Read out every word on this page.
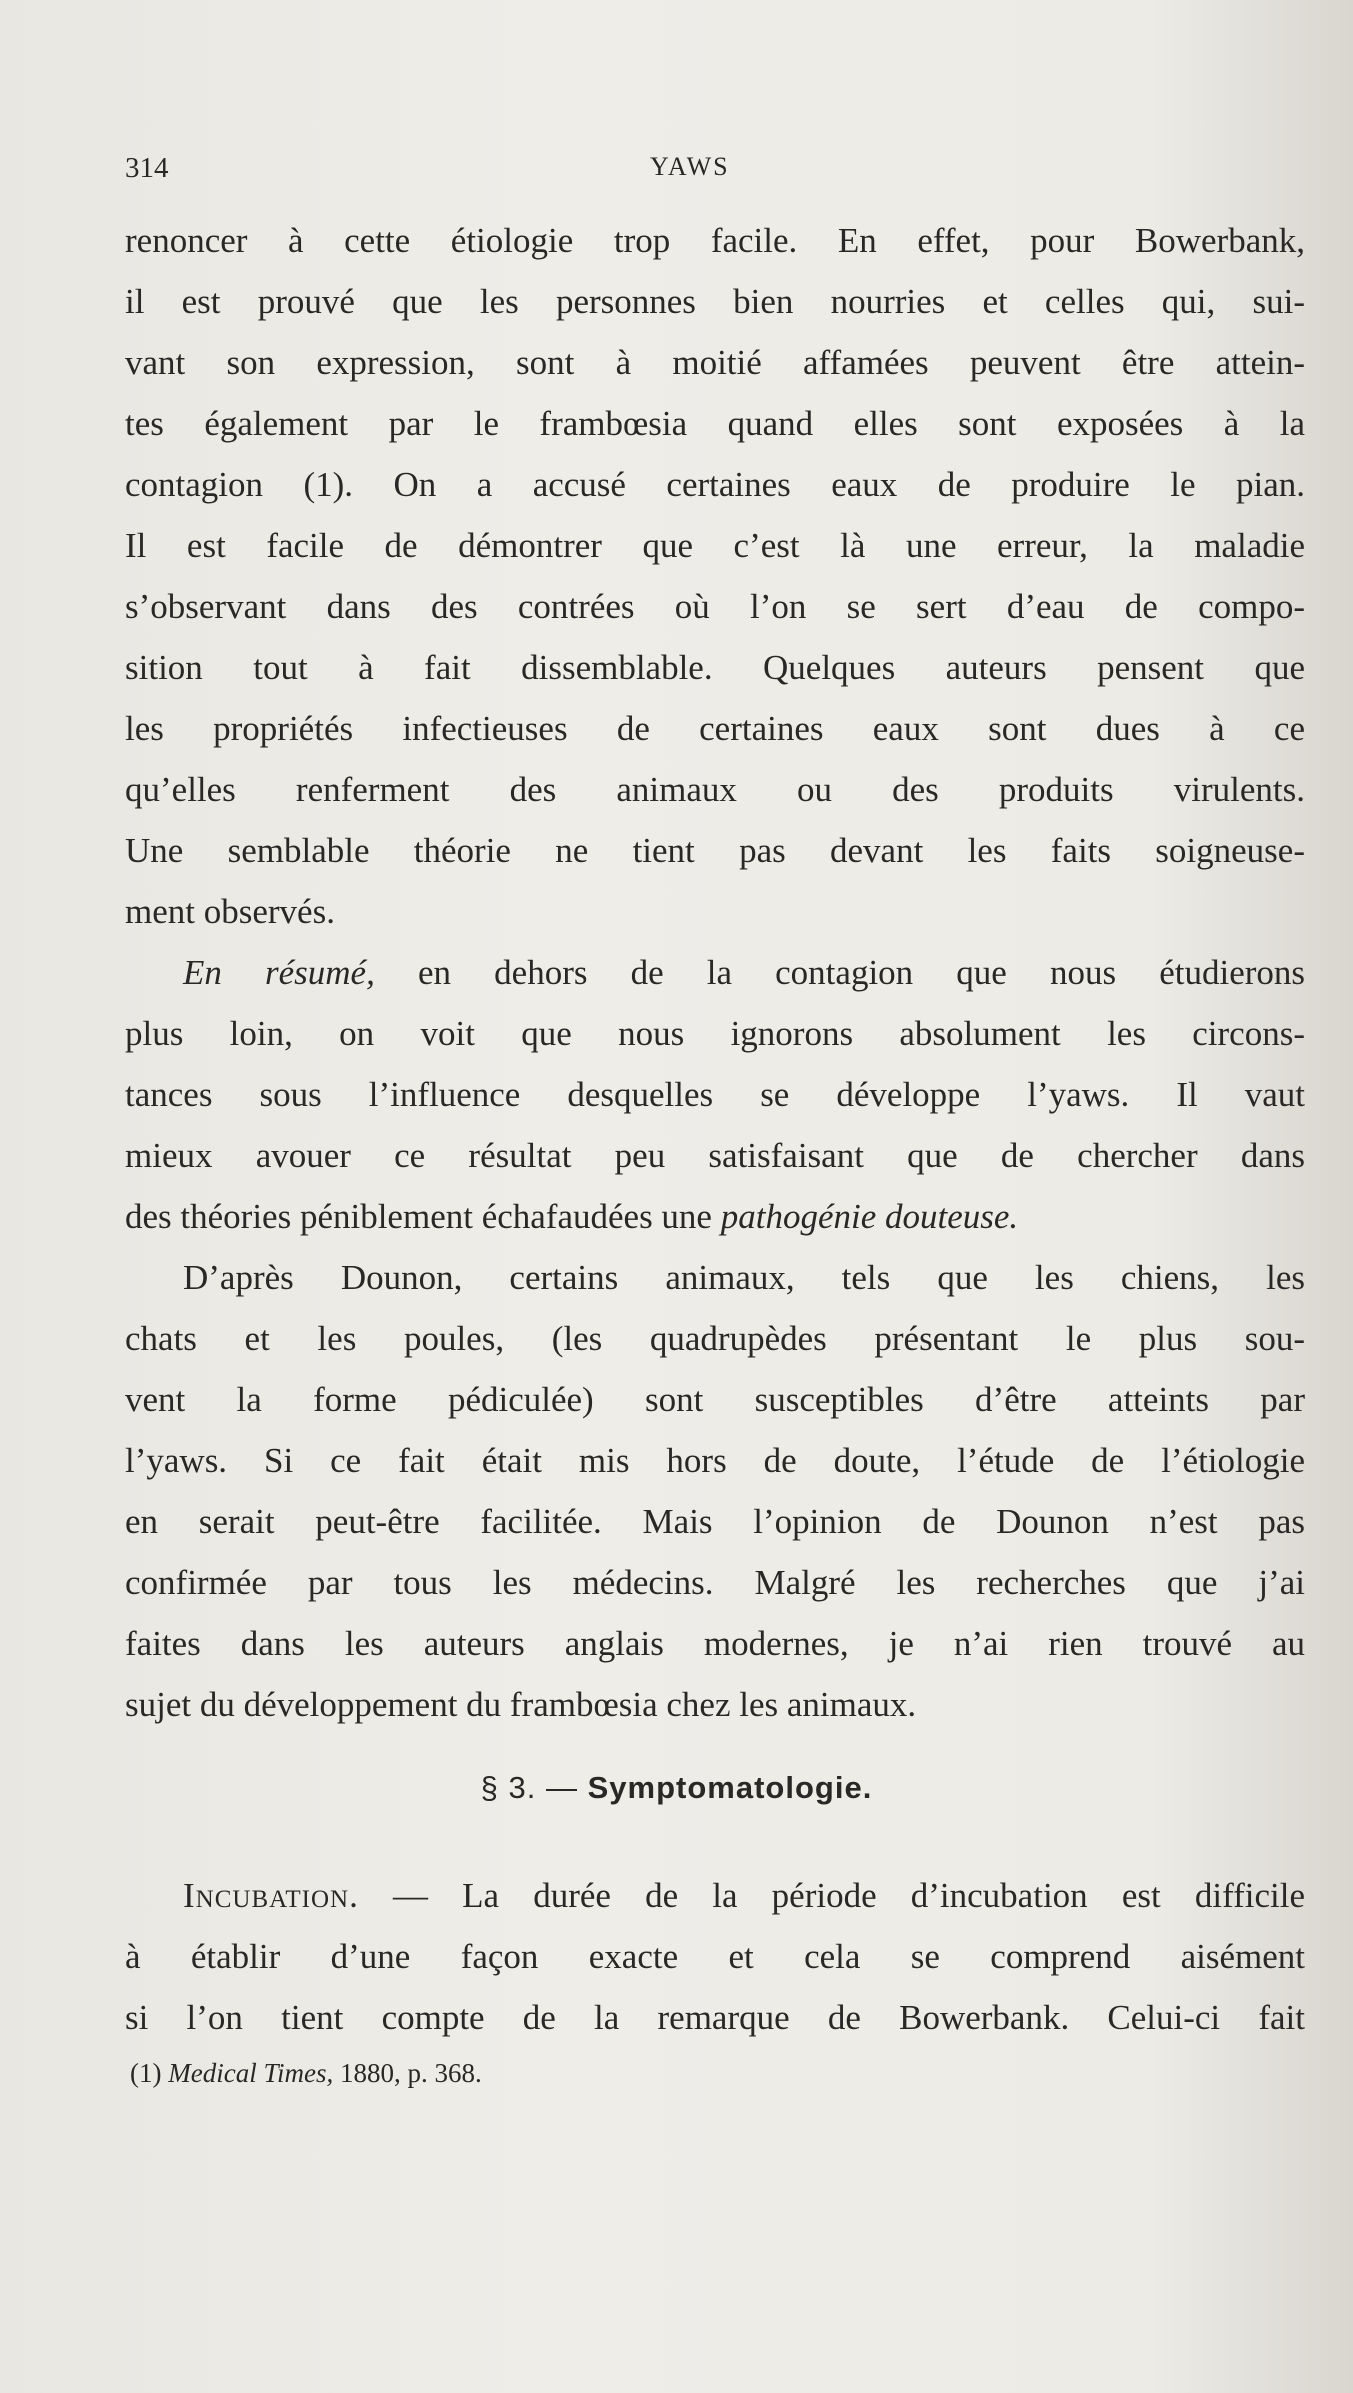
314	YAWS
renoncer à cette étiologie trop facile. En effet, pour Bowerbank,
il est prouvé que les personnes bien nourries et celles qui, sui-
vant son expression, sont à moitié affamées peuvent être attein-
tes également par le frambœsia quand elles sont exposées à la
contagion (1). On a accusé certaines eaux de produire le pian.
Il est facile de démontrer que c’est là une erreur, la maladie
s’observant dans des contrées où l’on se sert d’eau de compo-
sition tout à fait dissemblable. Quelques auteurs pensent que
les propriétés infectieuses de certaines eaux sont dues à ce
qu’elles renferment des animaux ou des produits virulents.
Une semblable théorie ne tient pas devant les faits soigneuse-
ment observés.
En résumé, en dehors de la contagion que nous étudierons
plus loin, on voit que nous ignorons absolument les circons-
tances sous l’influence desquelles se développe l’yaws. Il vaut
mieux avouer ce résultat peu satisfaisant que de chercher dans
des théories péniblement échafaudées une pathogénie douteuse.
D’après Dounon, certains animaux, tels que les chiens, les
chats et les poules, (les quadrupèdes présentant le plus sou-
vent la forme pédiculée) sont susceptibles d’être atteints par
l’yaws. Si ce fait était mis hors de doute, l’étude de l’étiologie
en serait peut-être facilitée. Mais l’opinion de Dounon n’est pas
confirmée par tous les médecins. Malgré les recherches que j’ai
faites dans les auteurs anglais modernes, je n’ai rien trouvé au
sujet du développement du frambœsia chez les animaux.
§ 3. — Symptomatologie.
Incubation. — La durée de la période d’incubation est difficile
à établir d’une façon exacte et cela se comprend aisément
si l’on tient compte de la remarque de Bowerbank. Celui-ci fait
(1) Medical Times, 1880, p. 368.
